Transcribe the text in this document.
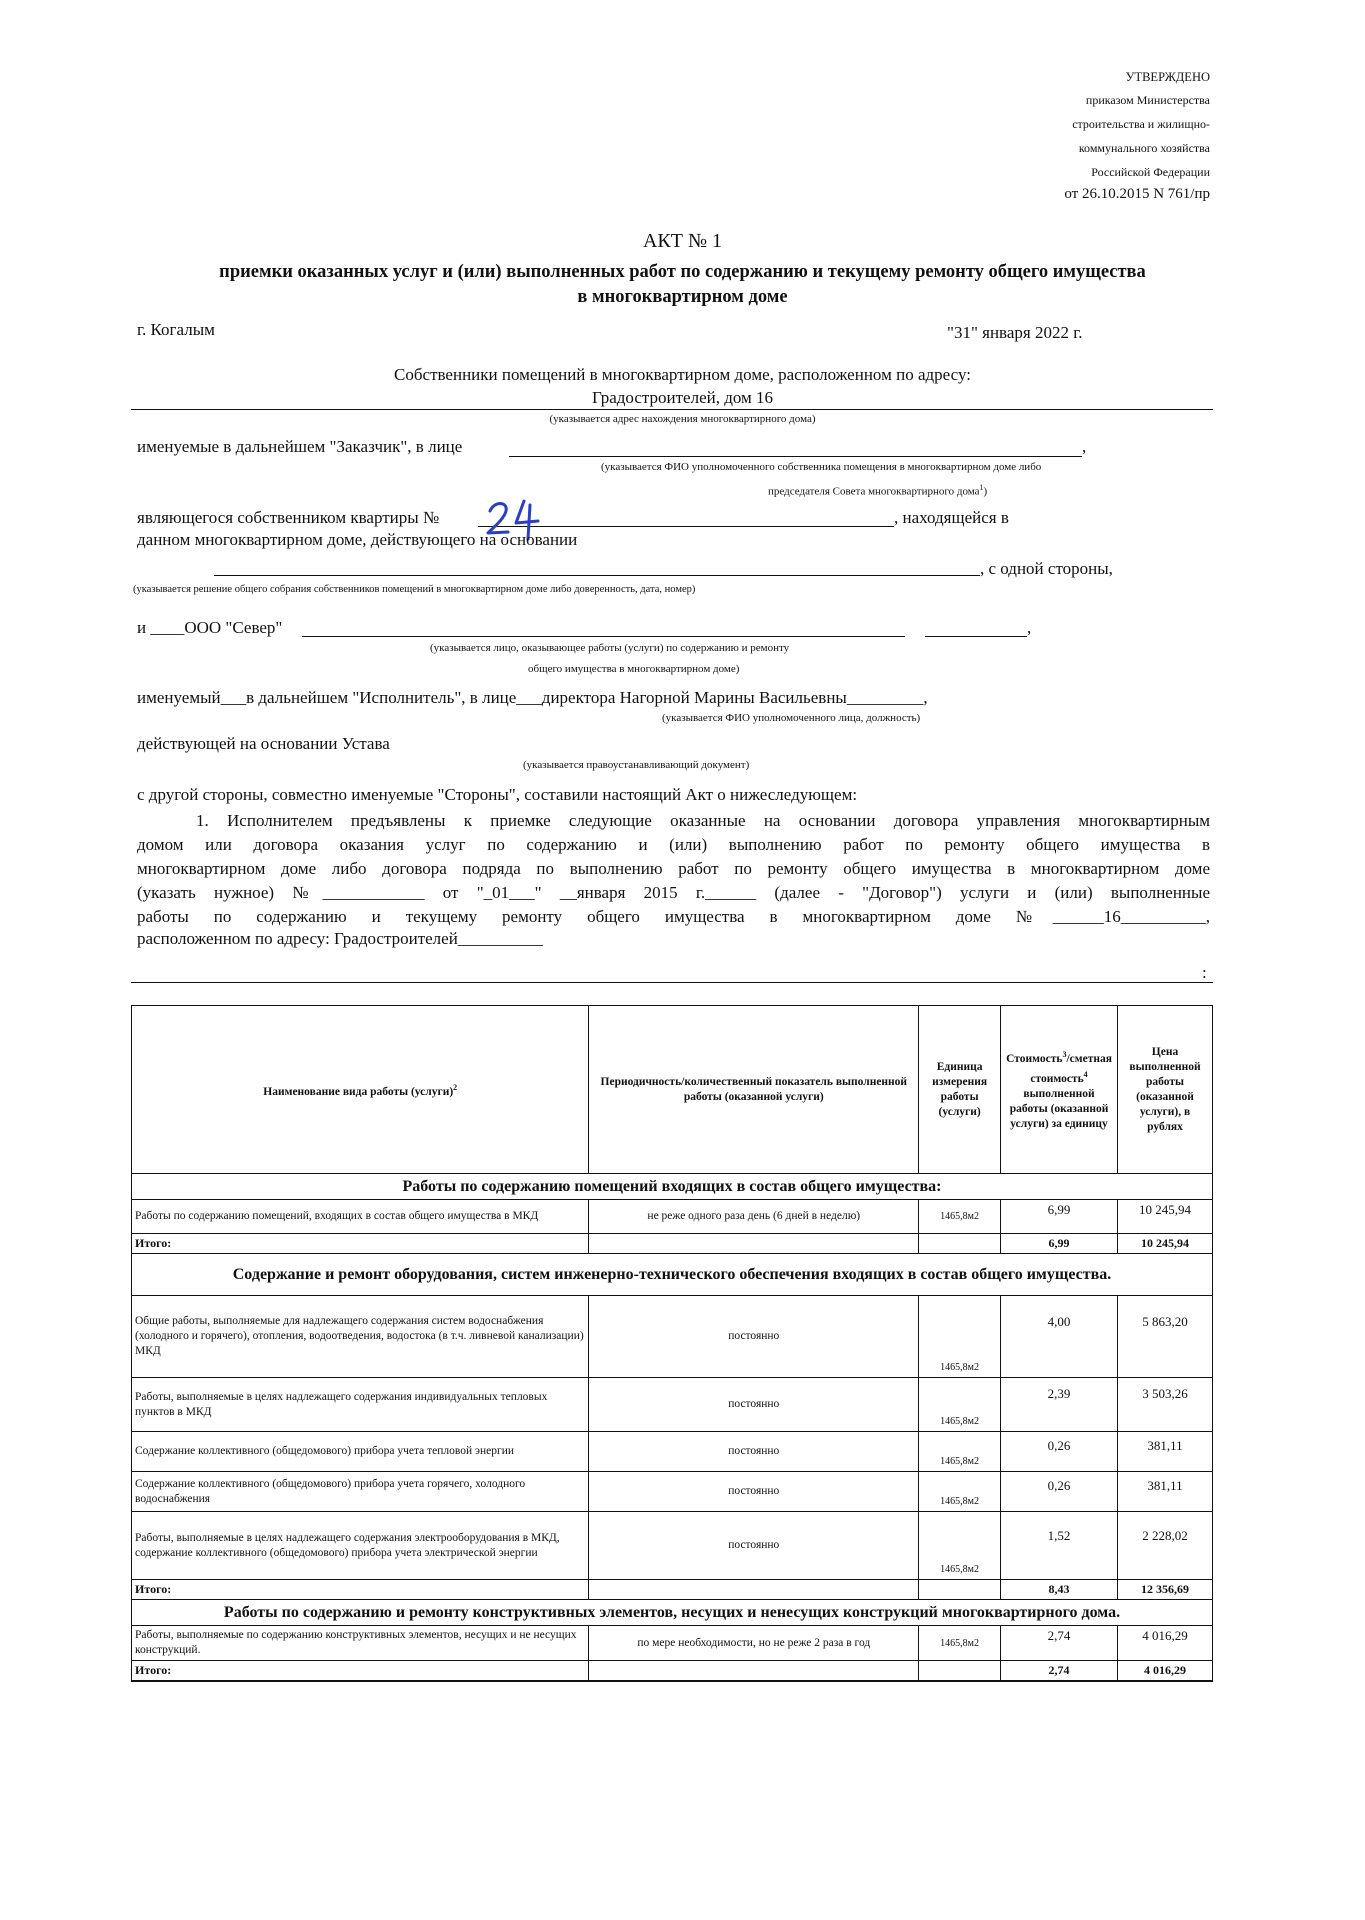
УТВЕРЖДЕНО
приказом Министерства
строительства и жилищно-
коммунального хозяйства
Российской Федерации
от 26.10.2015 N 761/пр
АКТ № 1
приемки оказанных услуг и (или) выполненных работ по содержанию и текущему ремонту общего имущества
в многоквартирном доме
г. Когалым	"31" января 2022 г.
Собственники помещений в многоквартирном доме, расположенном по адресу:
Градостроителей, дом 16
(указывается адрес нахождения многоквартирного дома)
именуемые в дальнейшем "Заказчик", в лице	,
(указывается ФИО уполномоченного собственника помещения в многоквартирном доме либо
председателя Совета многоквартирного дома$^1$)
являющегося собственником квартиры №	, находящейся в
данном многоквартирном доме, действующего на основании
, с одной стороны,
(указывается решение общего собрания собственников помещений в многоквартирном доме либо доверенность, дата, номер)
и ____ООО "Север"	,
(указывается лицо, оказывающее работы (услуги) по содержанию и ремонту
общего имущества в многоквартирном доме)
именуемый___в дальнейшем "Исполнитель", в лице___директора Нагорной Марины Васильевны_________,
(указывается ФИО уполномоченного лица, должность)
действующей на основании Устава
(указывается правоустанавливающий документ)
с другой стороны, совместно именуемые "Стороны", составили настоящий Акт о нижеследующем:
1. Исполнителем предъявлены к приемке следующие оказанные на основании договора управления многоквартирным
домом или договора оказания услуг по содержанию и (или) выполнению работ по ремонту общего имущества в
многоквартирном доме либо договора подряда по выполнению работ по ремонту общего имущества в многоквартирном доме
(указать нужное) №____________ от "_01___" __января 2015 г.______ (далее - "Договор") услуги и (или) выполненные
работы по содержанию и текущему ремонту общего имущества в многоквартирном доме №______16__________,
расположенном по адресу: Градостроителей__________
:
Наименование вида работы (услуги)$^2$	Периодичность/количественный показатель выполненной работы (оказанной услуги)	Единица измерения работы (услуги)	Стоимость$^3$/сметная стоимость$^4$ выполненной работы (оказанной услуги) за единицу	Цена выполненной работы (оказанной услуги), в рублях
Работы по содержанию помещений входящих в состав общего имущества:				
Работы по содержанию помещений, входящих в состав общего имущества в МКД	не реже одного раза день (6 дней в неделю)	1465,8м2	6,99	10 245,94
Итого:			6,99	10 245,94
Содержание и ремонт оборудования, систем инженерно-технического обеспечения входящих в состав общего имущества.				
Общие работы, выполняемые для надлежащего содержания систем водоснабжения (холодного и горячего), отопления, водоотведения, водостока (в т.ч. ливневой канализации) МКД	постоянно	1465,8м2	4,00	5 863,20
Работы, выполняемые в целях надлежащего содержания индивидуальных тепловых пунктов в МКД	постоянно	1465,8м2	2,39	3 503,26
Содержание коллективного (общедомового) прибора учета тепловой энергии	постоянно	1465,8м2	0,26	381,11
Содержание коллективного (общедомового) прибора учета горячего, холодного водоснабжения	постоянно	1465,8м2	0,26	381,11
Работы, выполняемые в целях надлежащего содержания электрооборудования в МКД, содержание коллективного (общедомового) прибора учета электрической энергии	постоянно	1465,8м2	1,52	2 228,02
Итого:			8,43	12 356,69
Работы по содержанию и ремонту конструктивных элементов, несущих и ненесущих конструкций многоквартирного дома.				
Работы, выполняемые по содержанию конструктивных элементов, несущих и не несущих конструкций.	по мере необходимости, но не реже 2 раза в год	1465,8м2	2,74	4 016,29
Итого:			2,74	4 016,29
